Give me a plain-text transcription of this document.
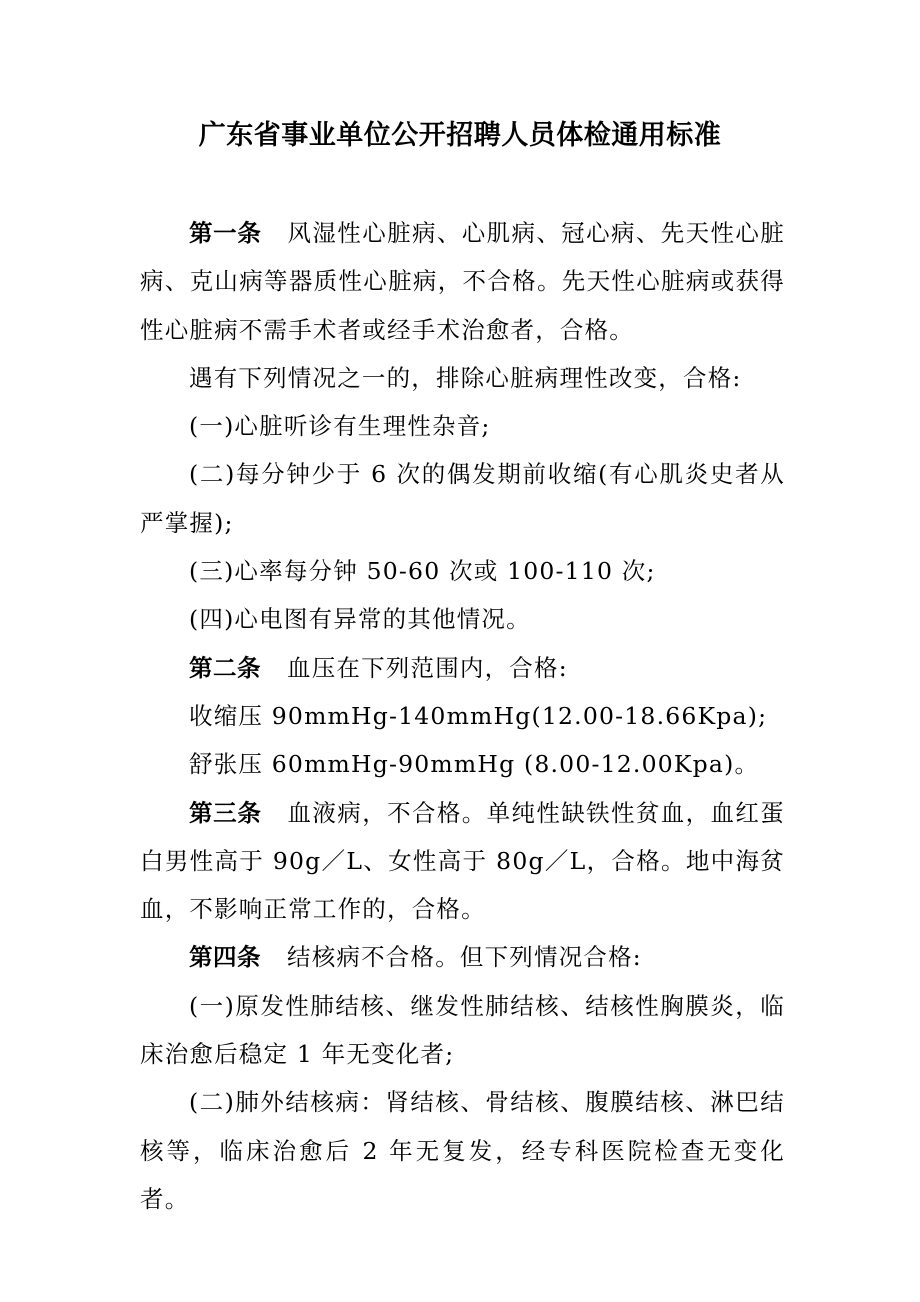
广东省事业单位公开招聘人员体检通用标准

第一条 风湿性心脏病、心肌病、冠心病、先天性心脏病、克山病等器质性心脏病，不合格。先天性心脏病或获得性心脏病不需手术者或经手术治愈者，合格。

遇有下列情况之一的，排除心脏病理性改变，合格:

(一)心脏听诊有生理性杂音;

(二)每分钟少于 6 次的偶发期前收缩(有心肌炎史者从严掌握);

(三)心率每分钟 50-60 次或 100-110 次;

(四)心电图有异常的其他情况。

第二条 血压在下列范围内，合格:

收缩压 90mmHg-140mmHg(12.00-18.66Kpa);

舒张压 60mmHg-90mmHg (8.00-12.00Kpa)。

第三条 血液病，不合格。单纯性缺铁性贫血，血红蛋白男性高于 90g／L、女性高于 80g／L，合格。地中海贫血，不影响正常工作的，合格。

第四条 结核病不合格。但下列情况合格:

(一)原发性肺结核、继发性肺结核、结核性胸膜炎，临床治愈后稳定 1 年无变化者;

(二)肺外结核病：肾结核、骨结核、腹膜结核、淋巴结核等，临床治愈后 2 年无复发，经专科医院检查无变化者。
